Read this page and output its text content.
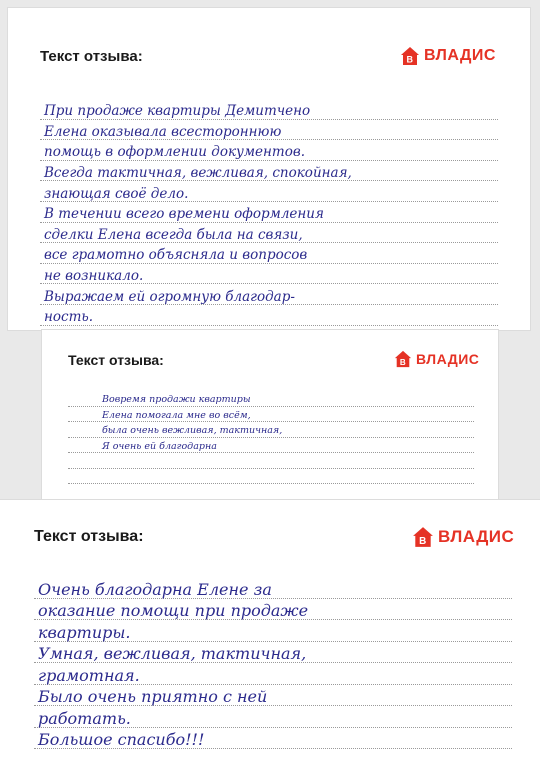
Текст отзыва:	В ВЛАДИС
При продаже квартиры Демитчено
Елена оказывала всестороннюю
помощь в оформлении документов.
Всегда тактичная, вежливая, спокойная,
знающая своё дело.
В течении всего времени оформления
сделки Елена всегда была на связи,
все грамотно объясняла и вопросов
не возникало.
Выражаем ей огромную благодар-
ность.
Текст отзыва:	В ВЛАДИС
Вовремя продажи квартиры
Елена помогала мне во всём,
была очень вежливая, тактичная,
Я очень ей благодарна
Текст отзыва:	В ВЛАДИС
Очень благодарна Елене за
оказание помощи при продаже
квартиры.
Умная, вежливая, тактичная,
грамотная.
Было очень приятно с ней
работать.
Большое спасибо!!!
